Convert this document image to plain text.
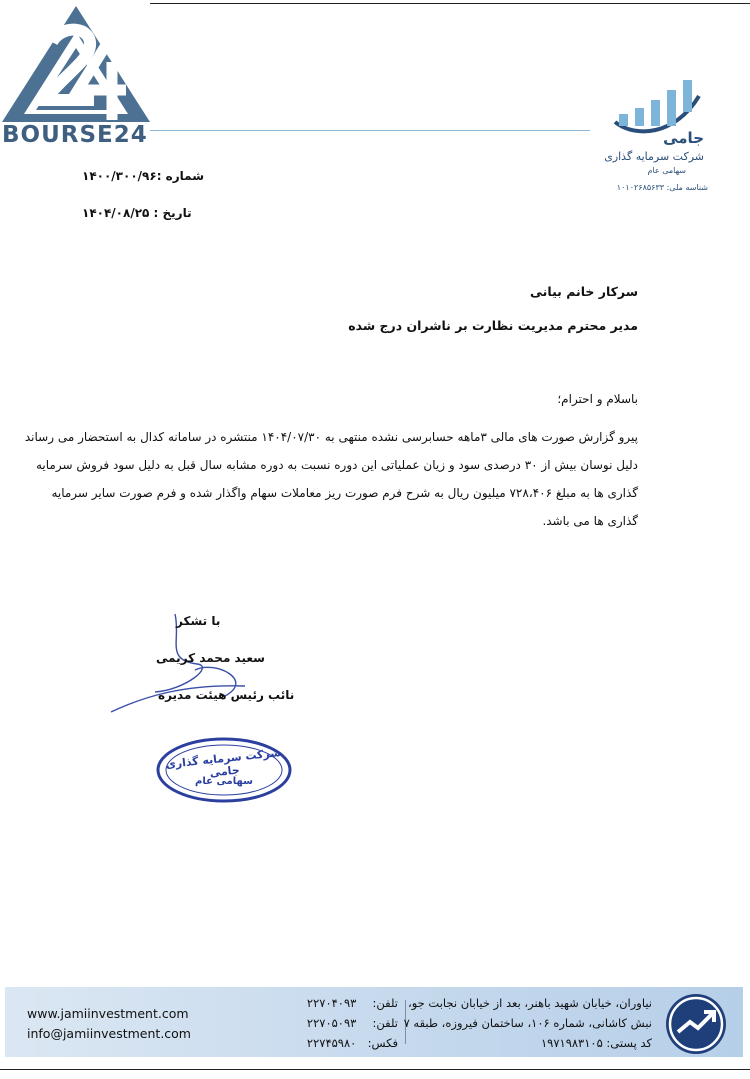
BOURSE24	جامی
شرکت سرمایه گذاری
سهامی عام
شناسه ملی: ۱۰۱۰۲۶۸۵۶۳۳
شماره :۱۴۰۰/۳۰۰/۹۶
تاریخ : ۱۴۰۴/۰۸/۲۵
سرکار خانم بیانی
مدیر محترم مدیریت نظارت بر ناشران درج شده
باسلام و احترام؛
پیرو گزارش صورت های مالی ۳ماهه حسابرسی نشده منتهی به ۱۴۰۴/۰۷/۳۰ منتشره در سامانه کدال به استحضار می رساند
دلیل نوسان بیش از ۳۰ درصدی سود و زیان عملیاتی این دوره نسبت به دوره مشابه سال قبل به دلیل سود فروش سرمایه
گذاری ها به مبلغ ۷۲۸،۴۰۶ میلیون ریال به شرح فرم صورت ریز معاملات سهام واگذار شده و فرم صورت سایر سرمایه
گذاری ها می باشد.
با تشکر
سعید محمد کریمی
نائب رئیس هیئت مدیره
شرکت سرمایه گذاری جامی
سهامی عام
www.jamiinvestment.com
info@jamiinvestment.com
تلفن: ۲۲۷۰۴۰۹۳
تلفن: ۲۲۷۰۵۰۹۳
فکس: ۲۲۷۴۵۹۸۰
نیاوران، خیابان شهید باهنر، بعد از خیابان نجابت جو،
نبش کاشانی، شماره ۱۰۶، ساختمان فیروزه، طبقه ۷
کد پستی: ۱۹۷۱۹۸۳۱۰۵
